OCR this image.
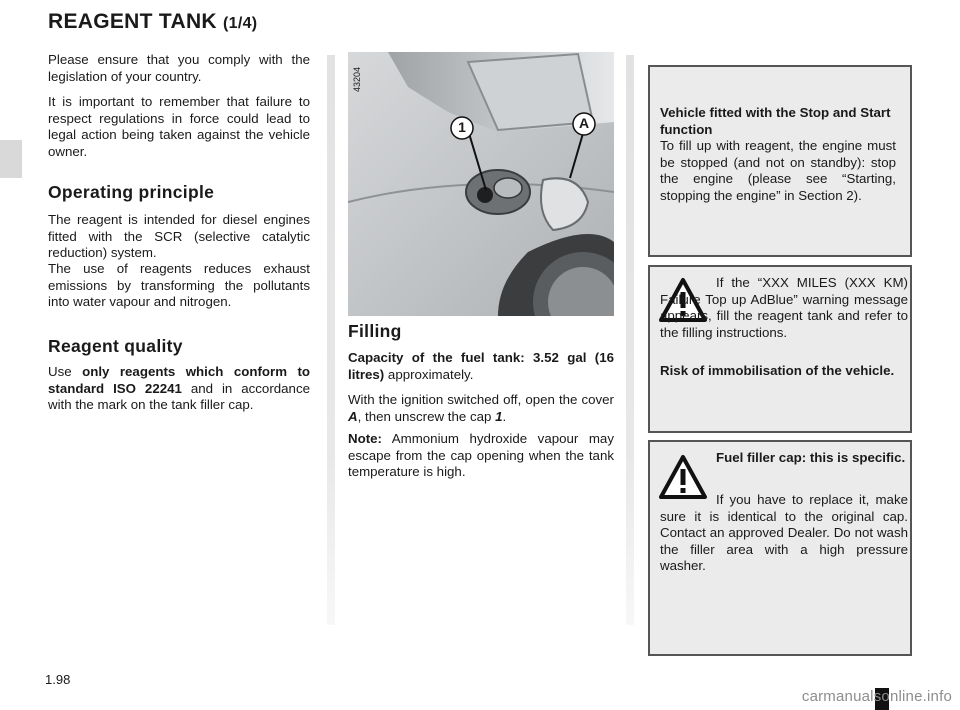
REAGENT TANK (1/4)

Please ensure that you comply with the legislation of your country.

It is important to remember that failure to respect regulations in force could lead to legal action being taken against the vehicle owner.

Operating principle

The reagent is intended for diesel engines fitted with the SCR (selective catalytic reduction) system.

The use of reagents reduces exhaust emissions by transforming the pollutants into water vapour and nitrogen.

Reagent quality

Use only reagents which conform to standard ISO 22241 and in accordance with the mark on the tank filler cap.

1	A
43204
Filling

Capacity of the fuel tank: 3.52 gal (16 litres) approximately.

With the ignition switched off, open the cover A, then unscrew the cap 1.

Note: Ammonium hydroxide vapour may escape from the cap opening when the tank temperature is high.

Vehicle fitted with the Stop and Start function

To fill up with reagent, the engine must be stopped (and not on standby): stop the engine (please see “Starting, stopping the engine” in Section 2).

If the “XXX MILES (XXX KM) Failure Top up AdBlue” warning message appears, fill the reagent tank and refer to the filling instructions.

Risk of immobilisation of the vehicle.

Fuel filler cap: this is specific.

If you have to replace it, make sure it is identical to the original cap. Contact an approved Dealer. Do not wash the filler area with a high pressure washer.

1.98
carmanualsonline.info
